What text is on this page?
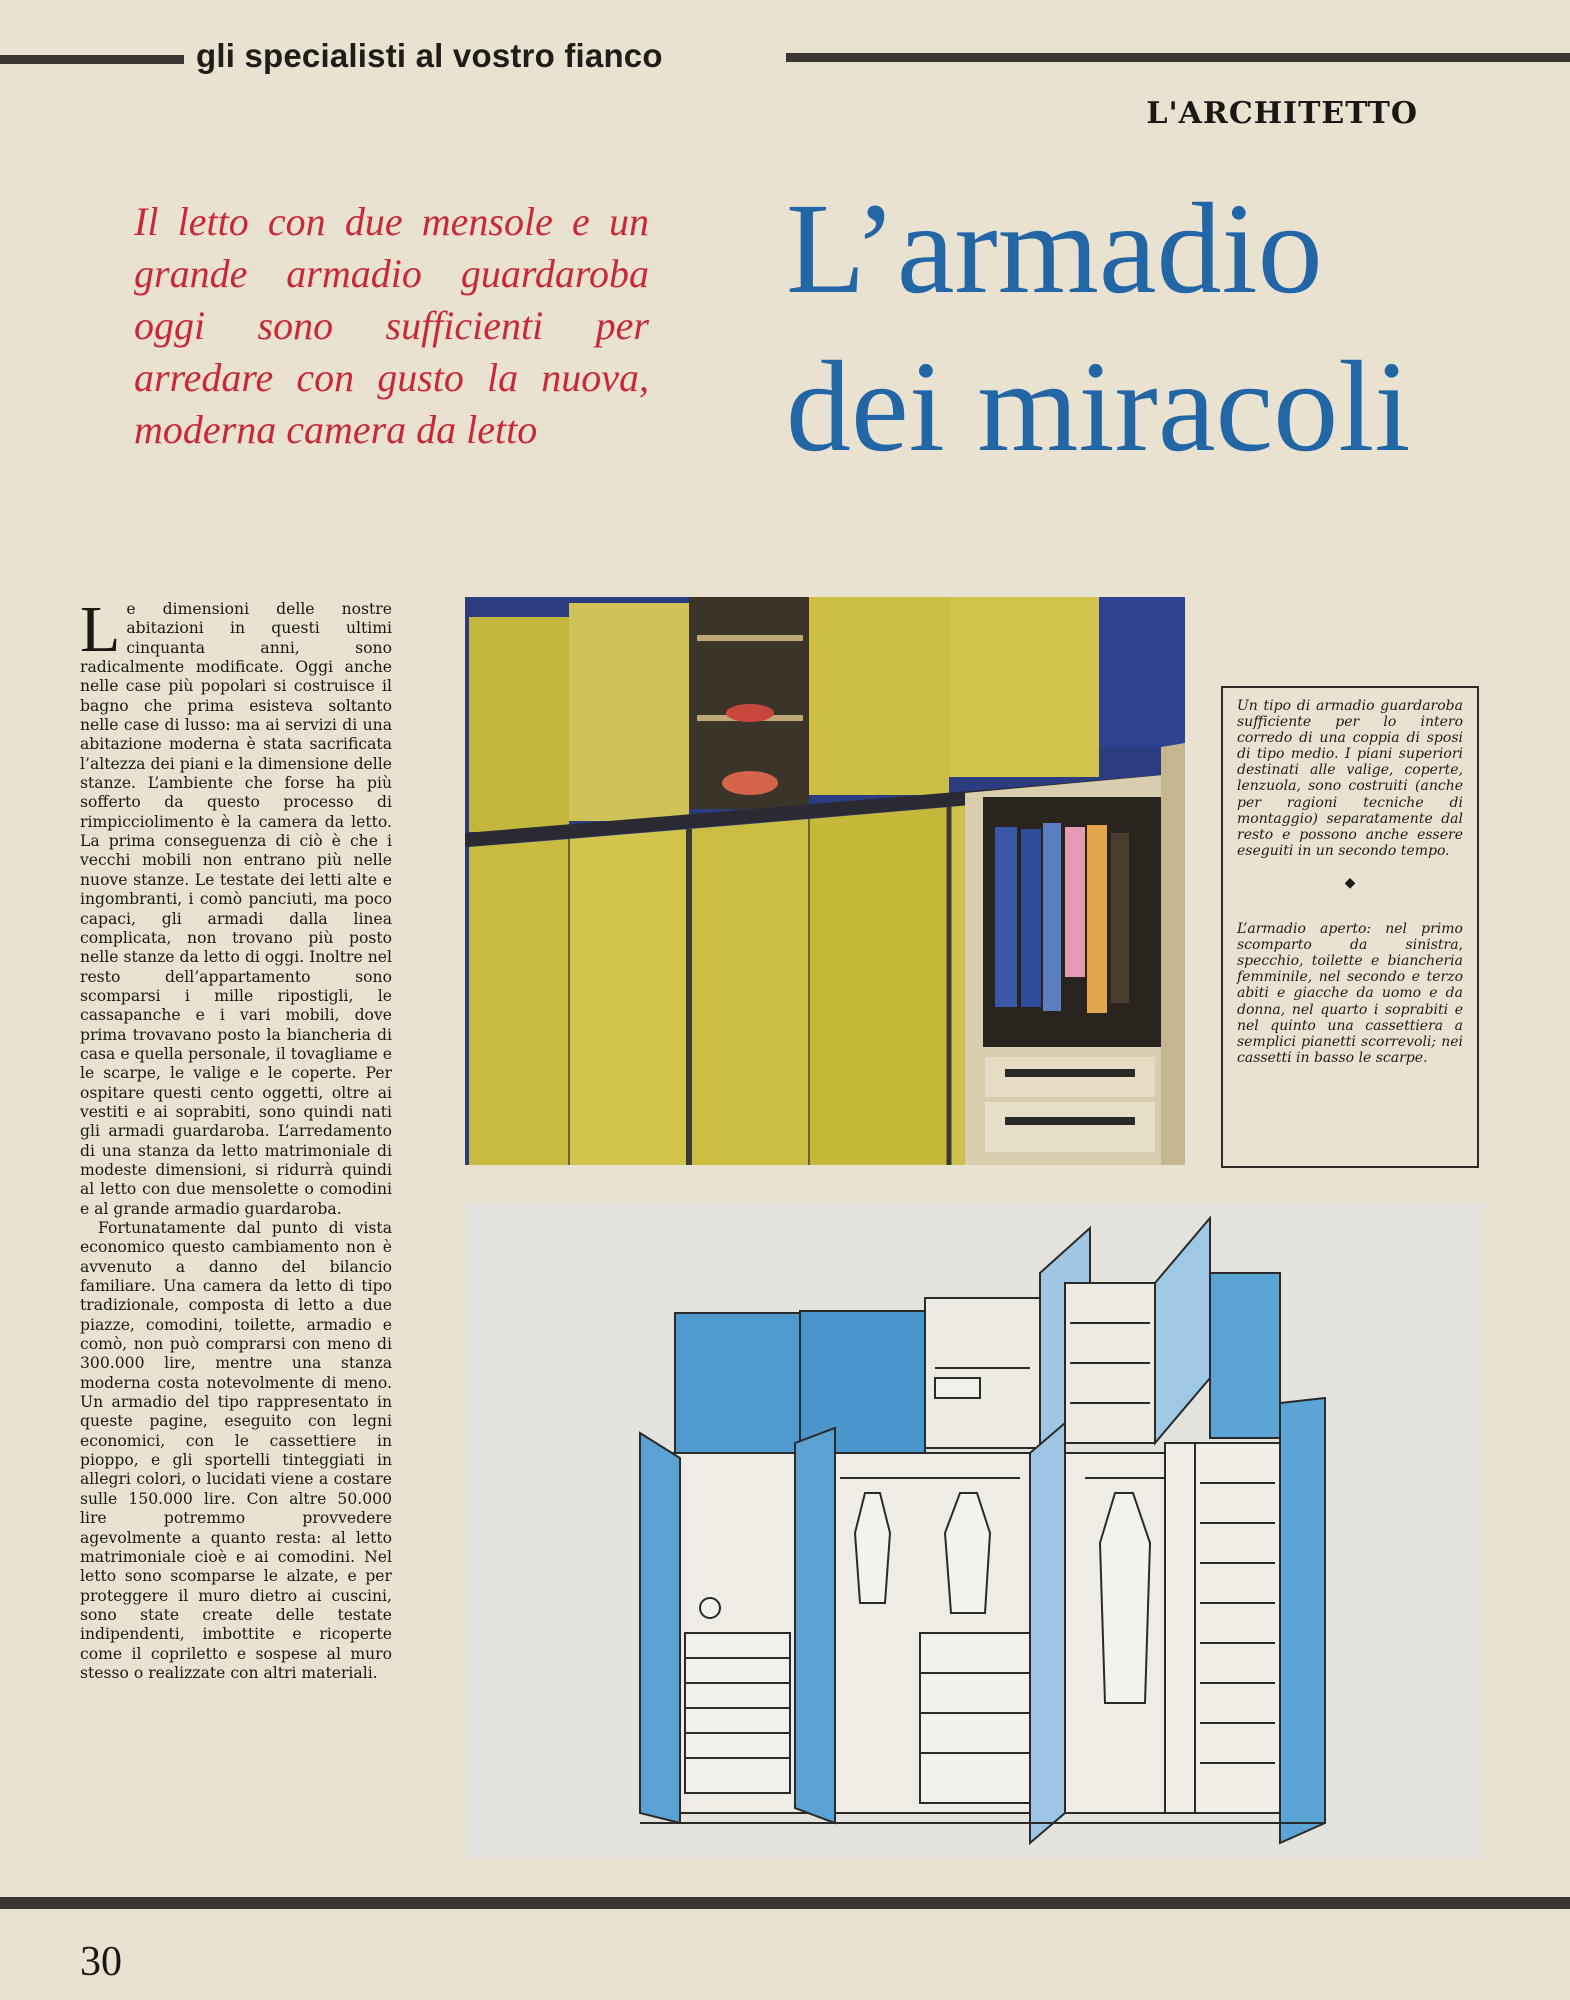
gli specialisti al vostro fianco
L'ARCHITETTO
Il letto con due mensole e un grande armadio guardaroba oggi sono sufficienti per arredare con gusto la nuova, moderna camera da letto
L’armadio
dei miracoli

Le dimensioni delle nostre abitazioni in questi ultimi cinquanta anni, sono radicalmente modificate. Oggi anche nelle case più popolari si costruisce il bagno che prima esisteva soltanto nelle case di lusso: ma ai servizi di una abitazione moderna è stata sacrificata l’altezza dei piani e la dimensione delle stanze. L’ambiente che forse ha più sofferto da questo processo di rimpicciolimento è la camera da letto. La prima conseguenza di ciò è che i vecchi mobili non entrano più nelle nuove stanze. Le testate dei letti alte e ingombranti, i comò panciuti, ma poco capaci, gli armadi dalla linea complicata, non trovano più posto nelle stanze da letto di oggi. Inoltre nel resto dell’appartamento sono scomparsi i mille ripostigli, le cassapanche e i vari mobili, dove prima trovavano posto la biancheria di casa e quella personale, il tovagliame e le scarpe, le valige e le coperte. Per ospitare questi cento oggetti, oltre ai vestiti e ai soprabiti, sono quindi nati gli armadi guardaroba. L’arredamento di una stanza da letto matrimoniale di modeste dimensioni, si ridurrà quindi al letto con due mensolette o comodini e al grande armadio guardaroba.

Fortunatamente dal punto di vista economico questo cambiamento non è avvenuto a danno del bilancio familiare. Una camera da letto di tipo tradizionale, composta di letto a due piazze, comodini, toilette, armadio e comò, non può comprarsi con meno di 300.000 lire, mentre una stanza moderna costa notevolmente di meno. Un armadio del tipo rappresentato in queste pagine, eseguito con legni economici, con le cassettiere in pioppo, e gli sportelli tinteggiati in allegri colori, o lucidati viene a costare sulle 150.000 lire. Con altre 50.000 lire potremmo provvedere agevolmente a quanto resta: al letto matrimoniale cioè e ai comodini. Nel letto sono scomparse le alzate, e per proteggere il muro dietro ai cuscini, sono state create delle testate indipendenti, imbottite e ricoperte come il copriletto e sospese al muro stesso o realizzate con altri materiali.

Un tipo di armadio guardaroba sufficiente per lo intero corredo di una coppia di sposi di tipo medio. I piani superiori destinati alle valige, coperte, lenzuola, sono costruiti (anche per ragioni tecniche di montaggio) separatamente dal resto e possono anche essere eseguiti in un secondo tempo.

◆

L’armadio aperto: nel primo scomparto da sinistra, specchio, toilette e biancheria femminile, nel secondo e terzo abiti e giacche da uomo e da donna, nel quarto i soprabiti e nel quinto una cassettiera a semplici pianetti scorrevoli; nei cassetti in basso le scarpe.

30
